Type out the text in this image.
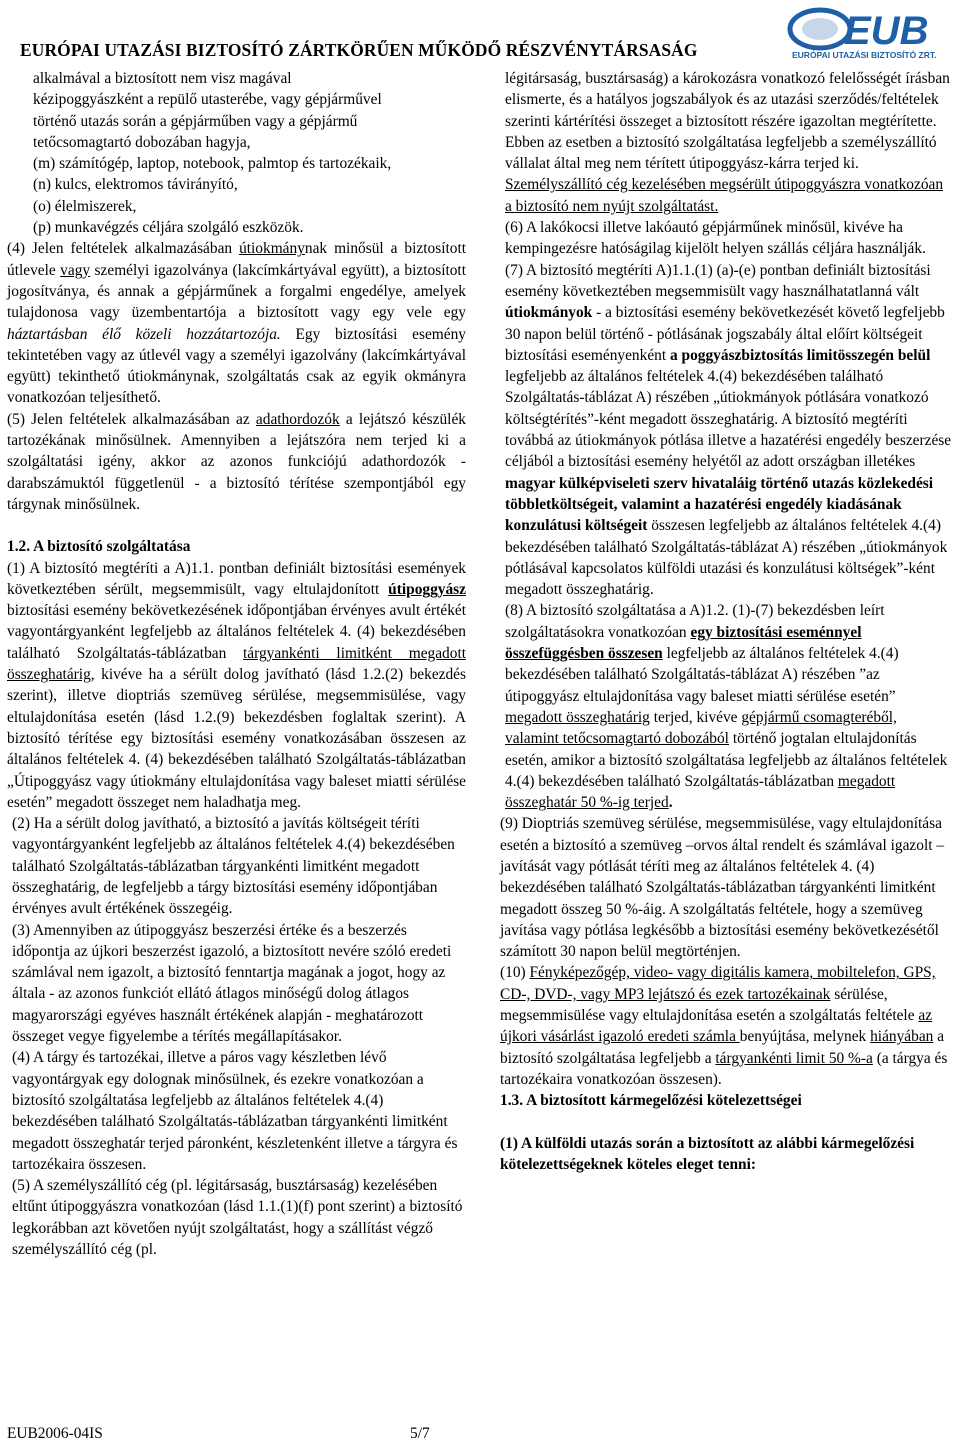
EURÓPAI UTAZÁSI BIZTOSÍTÓ ZÁRTKÖRŰEN MŰKÖDŐ RÉSZVÉNYTÁRSASÁG	EUB
EURÓPAI UTAZÁSI BIZTOSÍTÓ ZRT.

alkalmával a biztosított nem visz magával
kézipoggyászként a repülő utasterébe, vagy gépjárművel
történő utazás során a gépjárműben vagy a gépjármű
tetőcsomagtartó dobozában hagyja,

(m) számítógép, laptop, notebook, palmtop és tartozékaik,

(n) kulcs, elektromos távirányító,

(o) élelmiszerek,

(p) munkavégzés céljára szolgáló eszközök.

(4) Jelen feltételek alkalmazásában útiokmánynak minősül a biztosított útlevele vagy személyi igazolványa (lakcímkártyával együtt), a biztosított jogosítványa, és annak a gépjárműnek a forgalmi engedélye, amelyek tulajdonosa vagy üzembentartója a biztosított vagy egy vele egy háztartásban élő közeli hozzátartozója. Egy biztosítási esemény tekintetében vagy az útlevél vagy a személyi igazolvány (lakcímkártyával együtt) tekinthető útiokmánynak, szolgáltatás csak az egyik okmányra vonatkozóan teljesíthető.

(5) Jelen feltételek alkalmazásában az adathordozók a lejátszó készülék tartozékának minősülnek. Amennyiben a lejátszóra nem terjed ki a szolgáltatási igény, akkor az azonos funkciójú adathordozók - darabszámuktól függetlenül - a biztosító térítése szempontjából egy tárgynak minősülnek.

1.2. A biztosító szolgáltatása

(1) A biztosító megtéríti a A)1.1. pontban definiált biztosítási események következtében sérült, megsemmisült, vagy eltulajdonított útipoggyász biztosítási esemény bekövetkezésének időpontjában érvényes avult értékét vagyontárgyanként legfeljebb az általános feltételek 4. (4) bekezdésében található Szolgáltatás-táblázatban tárgyankénti limitként megadott összeghatárig, kivéve ha a sérült dolog javítható (lásd 1.2.(2) bekezdés szerint), illetve dioptriás szemüveg sérülése, megsemmisülése, vagy eltulajdonítása esetén (lásd 1.2.(9) bekezdésben foglaltak szerint). A biztosító térítése egy biztosítási esemény vonatkozásában összesen az általános feltételek 4. (4) bekezdésében található Szolgáltatás-táblázatban „Útipoggyász vagy útiokmány eltulajdonítása vagy baleset miatti sérülése esetén” megadott összeget nem haladhatja meg.

(2) Ha a sérült dolog javítható, a biztosító a javítás költségeit téríti vagyontárgyanként legfeljebb az általános feltételek 4.(4) bekezdésében található Szolgáltatás-táblázatban tárgyankénti limitként megadott összeghatárig, de legfeljebb a tárgy biztosítási esemény időpontjában érvényes avult értékének összegéig.

(3) Amennyiben az útipoggyász beszerzési értéke és a beszerzés időpontja az újkori beszerzést igazoló, a biztosított nevére szóló eredeti számlával nem igazolt, a biztosító fenntartja magának a jogot, hogy az általa - az azonos funkciót ellátó átlagos minőségű dolog átlagos magyarországi egyéves használt értékének alapján - meghatározott összeget vegye figyelembe a térítés megállapításakor.

(4) A tárgy és tartozékai, illetve a páros vagy készletben lévő vagyontárgyak egy dolognak minősülnek, és ezekre vonatkozóan a biztosító szolgáltatása legfeljebb az általános feltételek 4.(4) bekezdésében található Szolgáltatás-táblázatban tárgyankénti limitként megadott összeghatár terjed páronként, készletenként illetve a tárgyra és tartozékaira összesen.

(5) A személyszállító cég (pl. légitársaság, buszt​ársaság) kezelésében eltűnt útipoggyászra vonatkozóan (lásd 1.1.(1)(f) pont szerint) a biztosító legkorábban azt követően nyújt szolgáltatást, hogy a szállítást végző személyszállító cég (pl.

légitársaság, busztársaság) a károkozásra vonatkozó felelősségét írásban elismerte, és a hatályos jogszabályok és az utazási szerződés/feltételek szerinti kártérítési összeget a biztosított részére igazoltan megtérítette. Ebben az esetben a biztosító szolgáltatása legfeljebb a személyszállító vállalat által meg nem térített útipoggyász-kárra terjed ki. Személyszállító cég kezelésében megsérült útipoggyászra vonatkozóan a biztosító nem nyújt szolgáltatást.

(6) A lakókocsi illetve lakóautó gépjárműnek minősül, kivéve ha kempingezésre hatóságilag kijelölt helyen szállás céljára használják.

(7) A biztosító megtéríti A)1.1.(1) (a)-(e) pontban definiált biztosítási esemény következtében megsemmisült vagy használhatatlanná vált útiokmányok - a biztosítási esemény bekövetkezését követő legfeljebb 30 napon belül történő - pótlásának jogszabály által előírt költségeit biztosítási eseményenként a poggyászbiztosítás limitösszegén belül legfeljebb az általános feltételek 4.(4) bekezdésében található Szolgáltatás-táblázat A) részében „útiokmányok pótlására vonatkozó költségtérítés”-ként megadott összeghatárig. A biztosító megtéríti továbbá az útiokmányok pótlása illetve a hazatérési engedély beszerzése céljából a biztosítási esemény helyétől az adott országban illetékes magyar külképviseleti szerv hivataláig történő utazás közlekedési többletköltségeit, valamint a hazatérési engedély kiadásának konzulátusi költségeit összesen legfeljebb az általános feltételek 4.(4) bekezdésében található Szolgáltatás-táblázat A) részében „útiokmányok pótlásával kapcsolatos külföldi utazási és konzulátusi költségek”-ként megadott összeghatárig.

(8) A biztosító szolgáltatása a A)1.2. (1)-(7) bekezdésben leírt szolgáltatásokra vonatkozóan egy biztosítási eseménnyel összefüggésben összesen legfeljebb az általános feltételek 4.(4) bekezdésében található Szolgáltatás-táblázat A) részében ”az útipoggyász eltulajdonítása vagy baleset miatti sérülése esetén” megadott összeghatárig terjed, kivéve gépjármű csomagteréből, valamint tetőcsomagtartó dobozából történő jogtalan eltulajdonítás esetén, amikor a biztosító szolgáltatása legfeljebb az általános feltételek 4.(4) bekezdésében található Szolgáltatás-táblázatban megadott összeghatár 50 %-ig terjed.

(9) Dioptriás szemüveg sérülése, megsemmisülése, vagy eltulajdonítása esetén a biztosító a szemüveg –orvos által rendelt és számlával igazolt – javítását vagy pótlását téríti meg az általános feltételek 4. (4) bekezdésében található Szolgáltatás-táblázatban tárgyankénti limitként megadott összeg 50 %-áig. A szolgáltatás feltétele, hogy a szemüveg javítása vagy pótlása legkésőbb a biztosítási esemény bekövetkezésétől számított 30 napon belül megtörténjen.

(10) Fényképezőgép, video- vagy digitális kamera, mobiltelefon, GPS, CD-, DVD-, vagy MP3 lejátszó és ezek tartozékainak sérülése, megsemmisülése vagy eltulajdonítása esetén a szolgáltatás feltétele az újkori vásárlást igazoló eredeti számla benyújtása, melynek hiányában a biztosító szolgáltatása legfeljebb a tárgyankénti limit 50 %-a (a tárgya és tartozékaira vonatkozóan összesen).

1.3. A biztosított kármegelőzési kötelezettségei

(1) A külföldi utazás során a biztosított az alábbi kármegelőzési kötelezettségeknek köteles eleget tenni:

EUB2006-04IS	5/7
